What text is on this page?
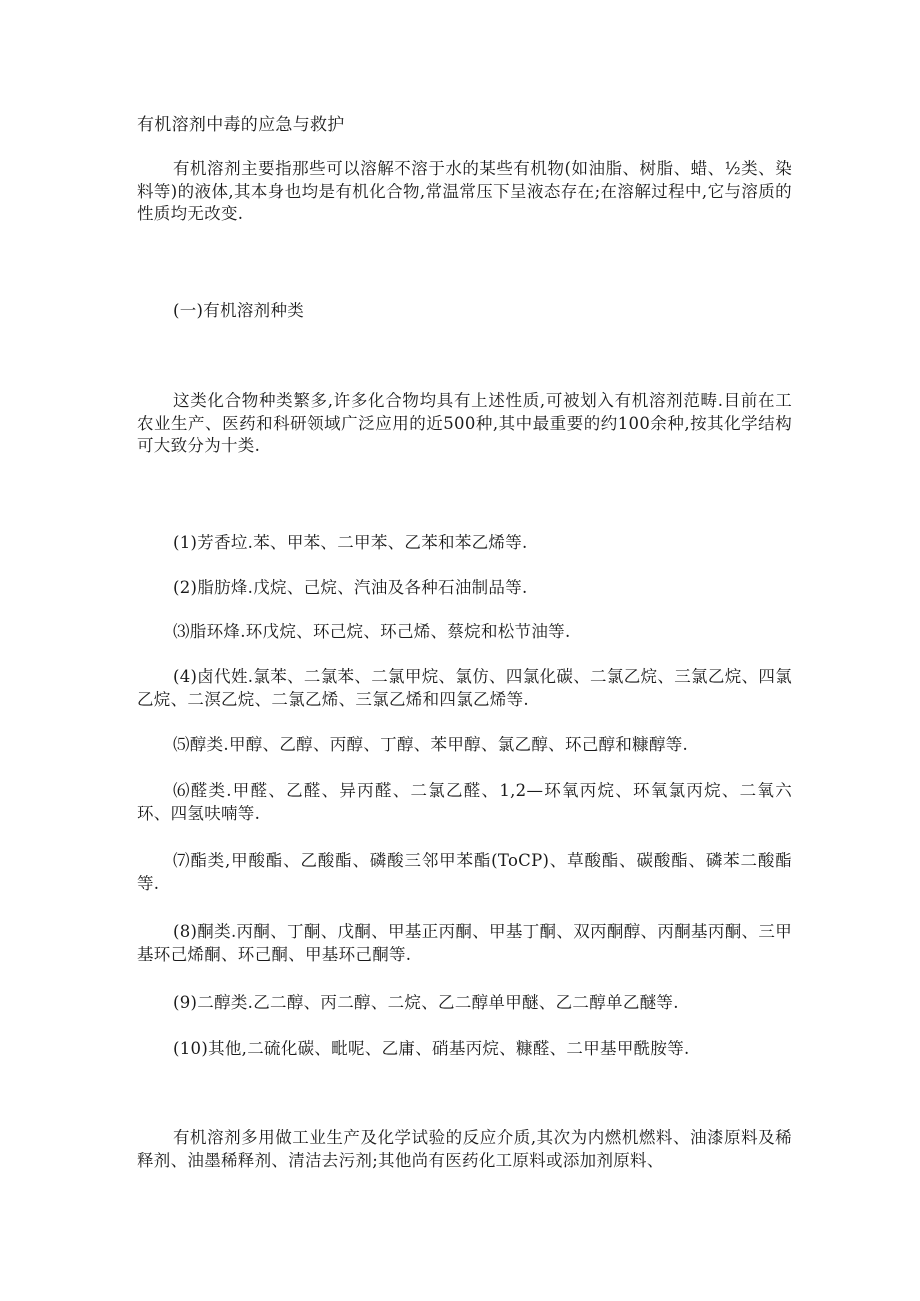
有机溶剂中毒的应急与救护

有机溶剂主要指那些可以溶解不溶于水的某些有机物(如油脂、树脂、蜡、½类、染料等)的液体,其本身也均是有机化合物,常温常压下呈液态存在;在溶解过程中,它与溶质的性质均无改变.

(一)有机溶剂种类

这类化合物种类繁多,许多化合物均具有上述性质,可被划入有机溶剂范畴.目前在工农业生产、医药和科研领域广泛应用的近500种,其中最重要的约100余种,按其化学结构可大致分为十类.

(1)芳香垃.苯、甲苯、二甲苯、乙苯和苯乙烯等.

(2)脂肪烽.戊烷、己烷、汽油及各种石油制品等.

⑶脂环烽.环戊烷、环己烷、环己烯、蔡烷和松节油等.

(4)卤代姓.氯苯、二氯苯、二氯甲烷、氯仿、四氯化碳、二氯乙烷、三氯乙烷、四氯乙烷、二溟乙烷、二氯乙烯、三氯乙烯和四氯乙烯等.

⑸醇类.甲醇、乙醇、丙醇、丁醇、苯甲醇、氯乙醇、环己醇和糠醇等.

⑹醛类.甲醛、乙醛、异丙醛、二氯乙醛、1,2—环氧丙烷、环氧氯丙烷、二氧六环、四氢呋喃等.

⑺酯类,甲酸酯、乙酸酯、磷酸三邻甲苯酯(ToCP)、草酸酯、碳酸酯、磷苯二酸酯等.

(8)酮类.丙酮、丁酮、戊酮、甲基正丙酮、甲基丁酮、双丙酮醇、丙酮基丙酮、三甲基环己烯酮、环己酮、甲基环己酮等.

(9)二醇类.乙二醇、丙二醇、二烷、乙二醇单甲醚、乙二醇单乙醚等.

(10)其他,二硫化碳、毗呢、乙庸、硝基丙烷、糠醛、二甲基甲酰胺等.

有机溶剂多用做工业生产及化学试验的反应介质,其次为内燃机燃料、油漆原料及稀释剂、油墨稀释剂、清洁去污剂;其他尚有医药化工原料或添加剂原料、
